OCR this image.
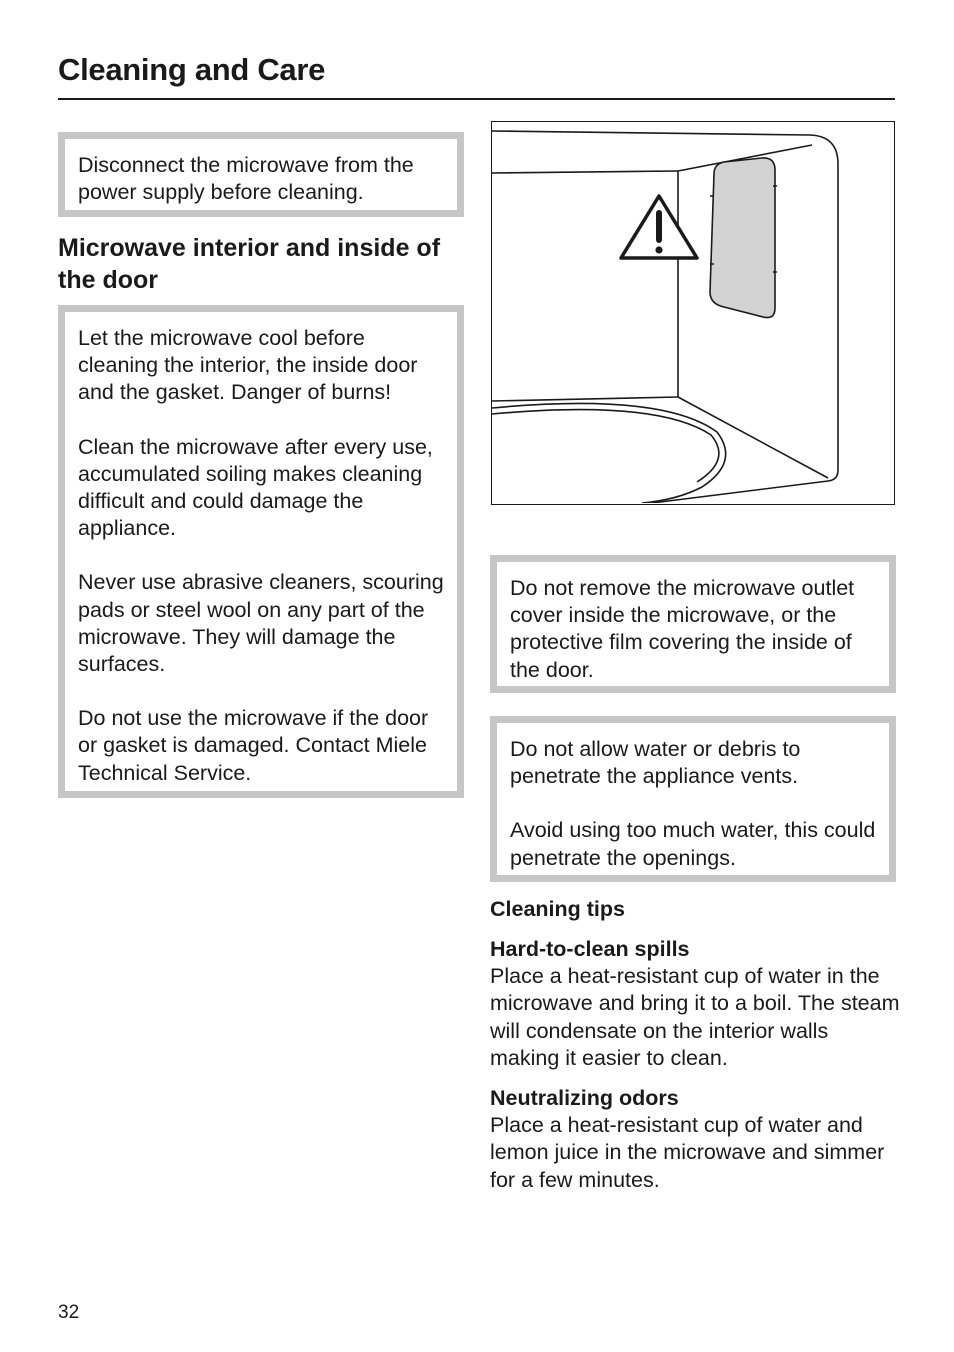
Cleaning and Care

Disconnect the microwave from the power supply before cleaning.

Microwave interior and inside of the door

Let the microwave cool before cleaning the interior, the inside door and the gasket. Danger of burns!

Clean the microwave after every use, accumulated soiling makes cleaning difficult and could damage the appliance.

Never use abrasive cleaners, scouring pads or steel wool on any part of the microwave. They will damage the surfaces.

Do not use the microwave if the door or gasket is damaged. Contact Miele Technical Service.

Do not remove the microwave outlet cover inside the microwave, or the protective film covering the inside of the door.

Do not allow water or debris to penetrate the appliance vents.

Avoid using too much water, this could penetrate the openings.

Cleaning tips
Hard-to-clean spills
Place a heat-resistant cup of water in the microwave and bring it to a boil. The steam will condensate on the interior walls making it easier to clean.
Neutralizing odors
Place a heat-resistant cup of water and lemon juice in the microwave and simmer for a few minutes.
32
